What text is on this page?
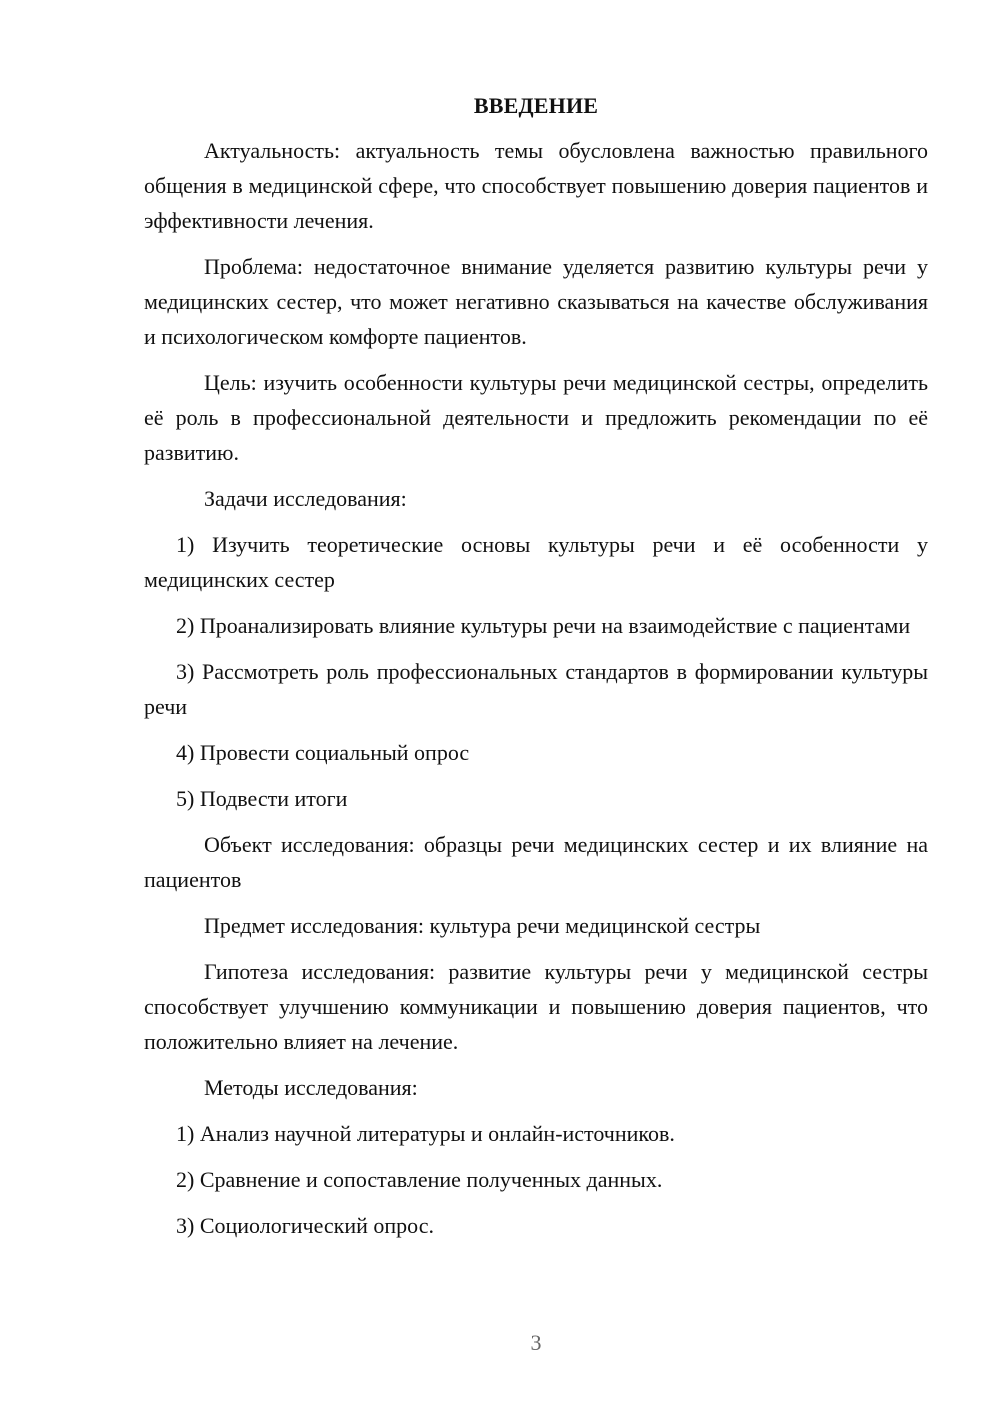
ВВЕДЕНИЕ

Актуальность: актуальность темы обусловлена важностью правильного общения в медицинской сфере, что способствует повышению доверия пациентов и эффективности лечения.

Проблема: недостаточное внимание уделяется развитию культуры речи у медицинских сестер, что может негативно сказываться на качестве обслуживания и психологическом комфорте пациентов.

Цель: изучить особенности культуры речи медицинской сестры, определить её роль в профессиональной деятельности и предложить рекомендации по её развитию.

Задачи исследования:

1) Изучить теоретические основы культуры речи и её особенности у медицинских сестер

2) Проанализировать влияние культуры речи на взаимодействие с пациентами

3) Рассмотреть роль профессиональных стандартов в формировании культуры речи

4) Провести социальный опрос

5) Подвести итоги

Объект исследования: образцы речи медицинских сестер и их влияние на пациентов

Предмет исследования: культура речи медицинской сестры

Гипотеза исследования: развитие культуры речи у медицинской сестры способствует улучшению коммуникации и повышению доверия пациентов, что положительно влияет на лечение.

Методы исследования:

1) Анализ научной литературы и онлайн-источников.

2) Сравнение и сопоставление полученных данных.

3) Социологический опрос.

3
